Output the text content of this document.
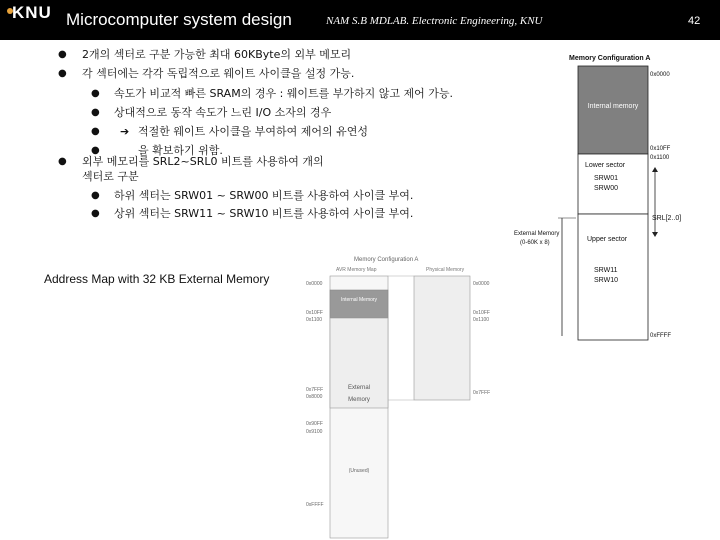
KNU Microcomputer system design	NAM S.B MDLAB. Electronic Engineering, KNU	42
● 2개의 섹터로 구분 가능한 최대 60KByte의 외부 메모리
● 각 섹터에는 각각 독립적으로 웨이트 사이클을 설정 가능.
● 속도가 비교적 빠른 SRAM의 경우 : 웨이트를 부가하지 않고 제어 가능.
● 상대적으로 동작 속도가 느린 I/O 소자의 경우
● ➔ 적절한 웨이트 사이클을 부여하여 제어의 유연성
●	을 확보하기 위함.
● 외부 메모리를 SRL2~SRL0 비트를 사용하여 개의
섹터로 구분
● 하위 섹터는 SRW01 ~ SRW00 비트를 사용하여 사이클 부여.
● 상위 섹터는 SRW11 ~ SRW10 비트를 사용하여 사이클 부여.
Address Map with 32 KB External Memory
Memory Configuration A
Internal memory
Lower sector
SRW01
SRW00
Upper sector
SRW11
SRW10
0x0000
0x10FF
0x1100
0xFFFF
SRL[2..0]
External Memory
(0-60K x 8)
Memory Configuration A
AVR Memory Map	Physical Memory
Internal Memory
External
Memory
(Unused)
0x0000
0x10FF
0x1100
0x7FFF
0x8000
0x90FF
0x9100
0xFFFF
0x0000
0x10FF
0x1100
0x7FFF
